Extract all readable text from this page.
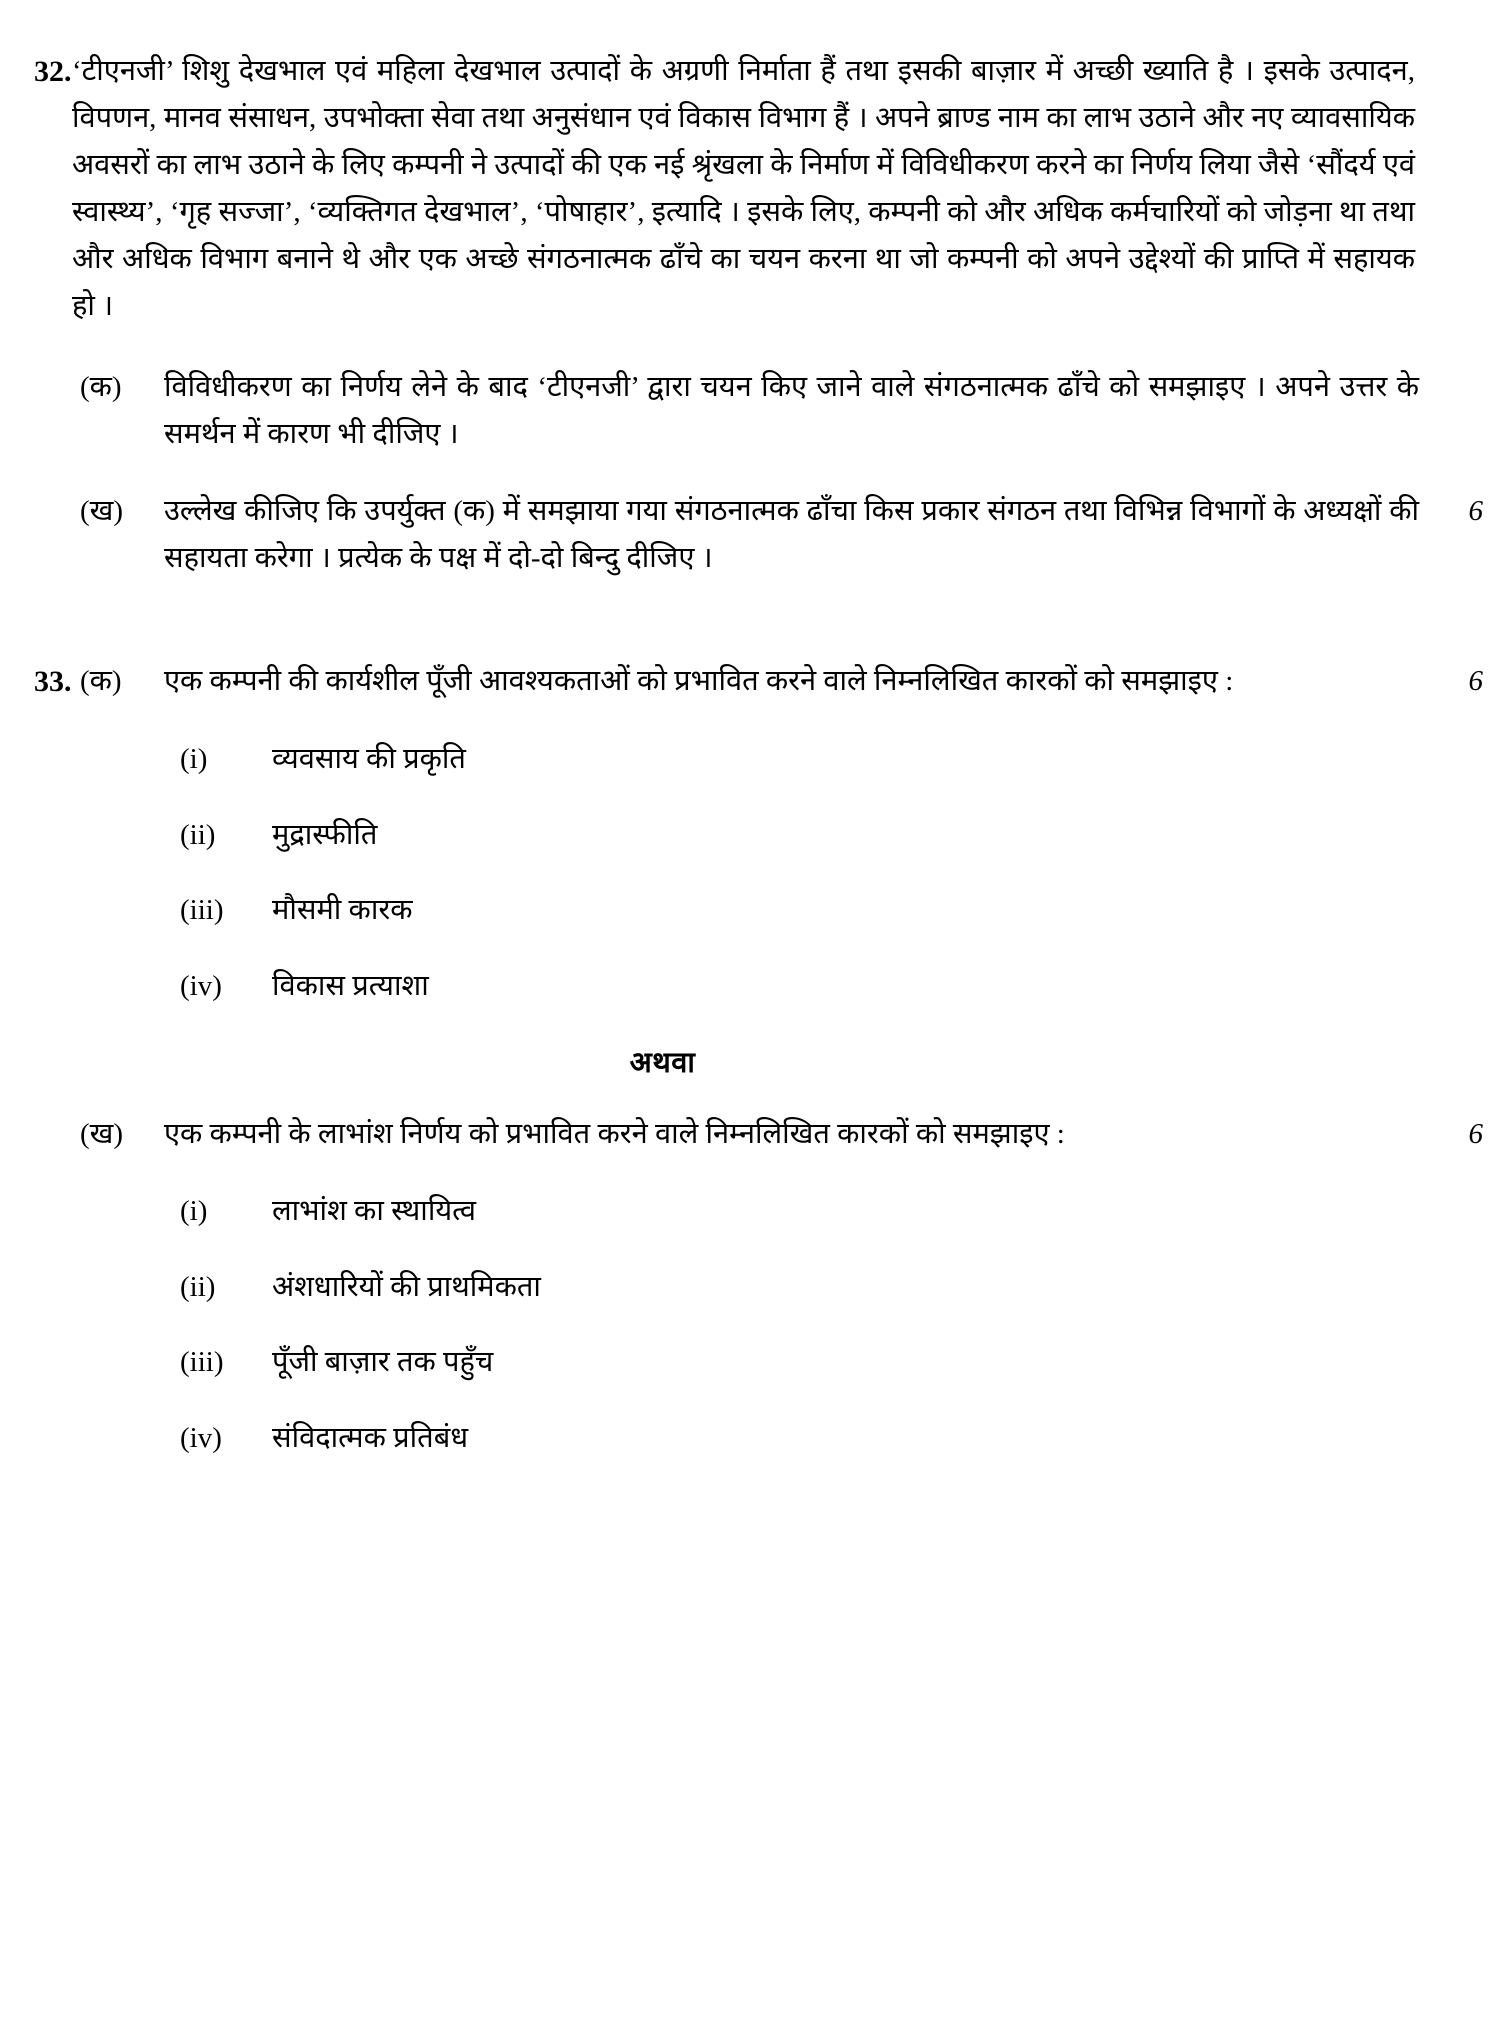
32. ‘टीएनजी’ शिशु देखभाल एवं महिला देखभाल उत्पादों के अग्रणी निर्माता हैं तथा इसकी बाज़ार में अच्छी ख्याति है । इसके उत्पादन, विपणन, मानव संसाधन, उपभोक्ता सेवा तथा अनुसंधान एवं विकास विभाग हैं । अपने ब्राण्ड नाम का लाभ उठाने और नए व्यावसायिक अवसरों का लाभ उठाने के लिए कम्पनी ने उत्पादों की एक नई श्रृंखला के निर्माण में विविधीकरण करने का निर्णय लिया जैसे ‘सौंदर्य एवं स्वास्थ्य’, ‘गृह सज्जा’, ‘व्यक्तिगत देखभाल’, ‘पोषाहार’, इत्यादि । इसके लिए, कम्पनी को और अधिक कर्मचारियों को जोड़ना था तथा और अधिक विभाग बनाने थे और एक अच्छे संगठनात्मक ढाँचे का चयन करना था जो कम्पनी को अपने उद्देश्यों की प्राप्ति में सहायक हो ।
(क)	विविधीकरण का निर्णय लेने के बाद ‘टीएनजी’ द्वारा चयन किए जाने वाले संगठनात्मक ढाँचे को समझाइए । अपने उत्तर के समर्थन में कारण भी दीजिए ।
(ख)	उल्लेख कीजिए कि उपर्युक्त (क) में समझाया गया संगठनात्मक ढाँचा किस प्रकार संगठन तथा विभिन्न विभागों के अध्यक्षों की सहायता करेगा । प्रत्येक के पक्ष में दो-दो बिन्दु दीजिए ।
6
33. (क)	एक कम्पनी की कार्यशील पूँजी आवश्यकताओं को प्रभावित करने वाले निम्नलिखित कारकों को समझाइए :	6
(i)	व्यवसाय की प्रकृति
(ii)	मुद्रास्फीति
(iii)	मौसमी कारक
(iv)	विकास प्रत्याशा
अथवा
(ख)	एक कम्पनी के लाभांश निर्णय को प्रभावित करने वाले निम्नलिखित कारकों को समझाइए :	6
(i)	लाभांश का स्थायित्व
(ii)	अंशधारियों की प्राथमिकता
(iii)	पूँजी बाज़ार तक पहुँच
(iv)	संविदात्मक प्रतिबंध
